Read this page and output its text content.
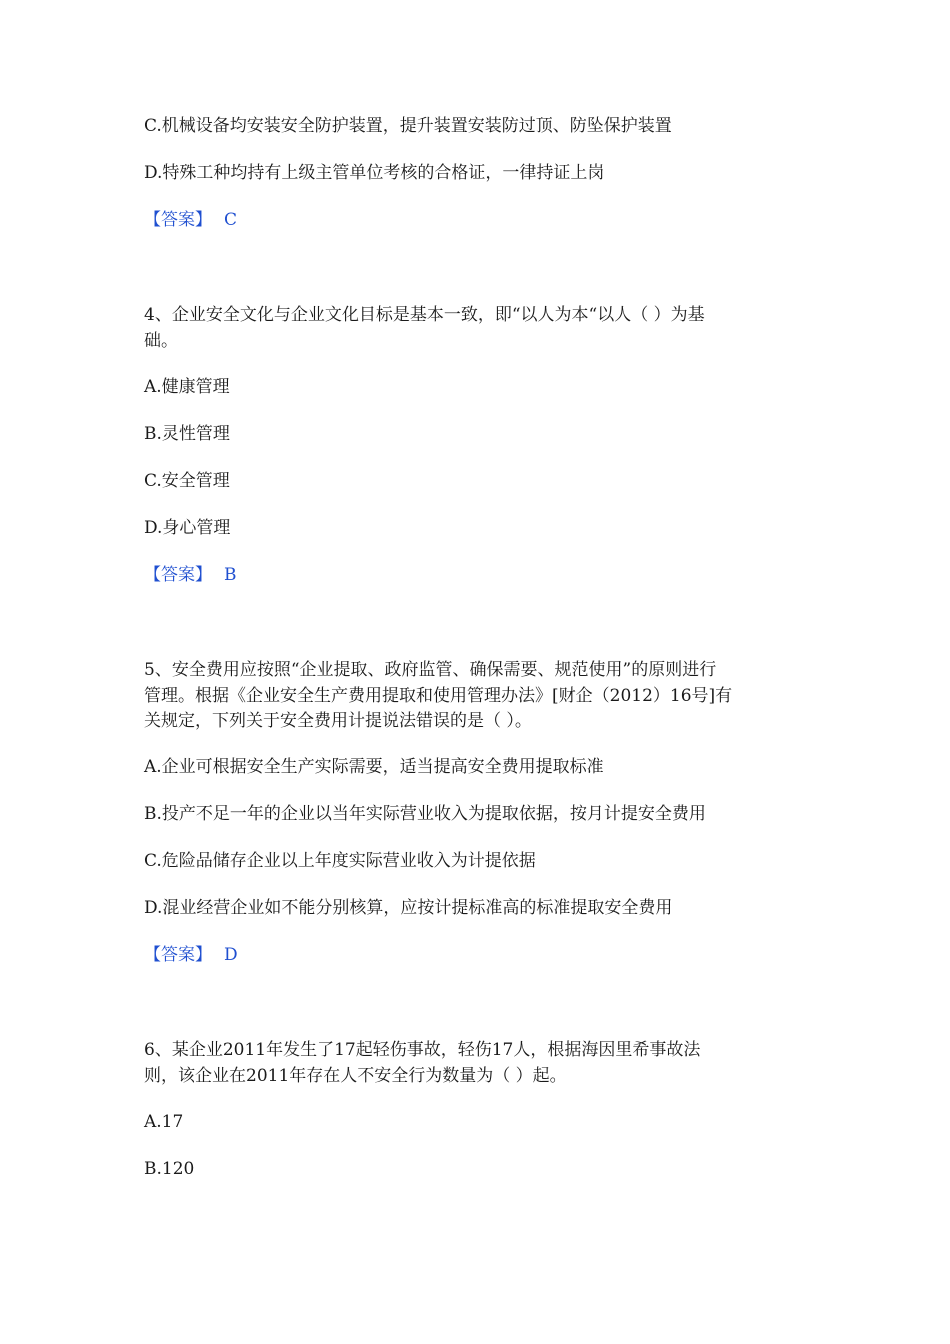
C.机械设备均安装安全防护装置，提升装置安装防过顶、防坠保护装置
D.特殊工种均持有上级主管单位考核的合格证，一律持证上岗
【答案】 C
4、企业安全文化与企业文化目标是基本一致，即“以人为本“以人（ ）为基
础。
A.健康管理
B.灵性管理
C.安全管理
D.身心管理
【答案】 B
5、安全费用应按照“企业提取、政府监管、确保需要、规范使用”的原则进行
管理。根据《企业安全生产费用提取和使用管理办法》[财企（2012）16号]有
关规定，下列关于安全费用计提说法错误的是（ ）。
A.企业可根据安全生产实际需要，适当提高安全费用提取标准
B.投产不足一年的企业以当年实际营业收入为提取依据，按月计提安全费用
C.危险品储存企业以上年度实际营业收入为计提依据
D.混业经营企业如不能分别核算，应按计提标准高的标准提取安全费用
【答案】 D
6、某企业2011年发生了17起轻伤事故，轻伤17人，根据海因里希事故法
则，该企业在2011年存在人不安全行为数量为（ ）起。
A.17
B.120
